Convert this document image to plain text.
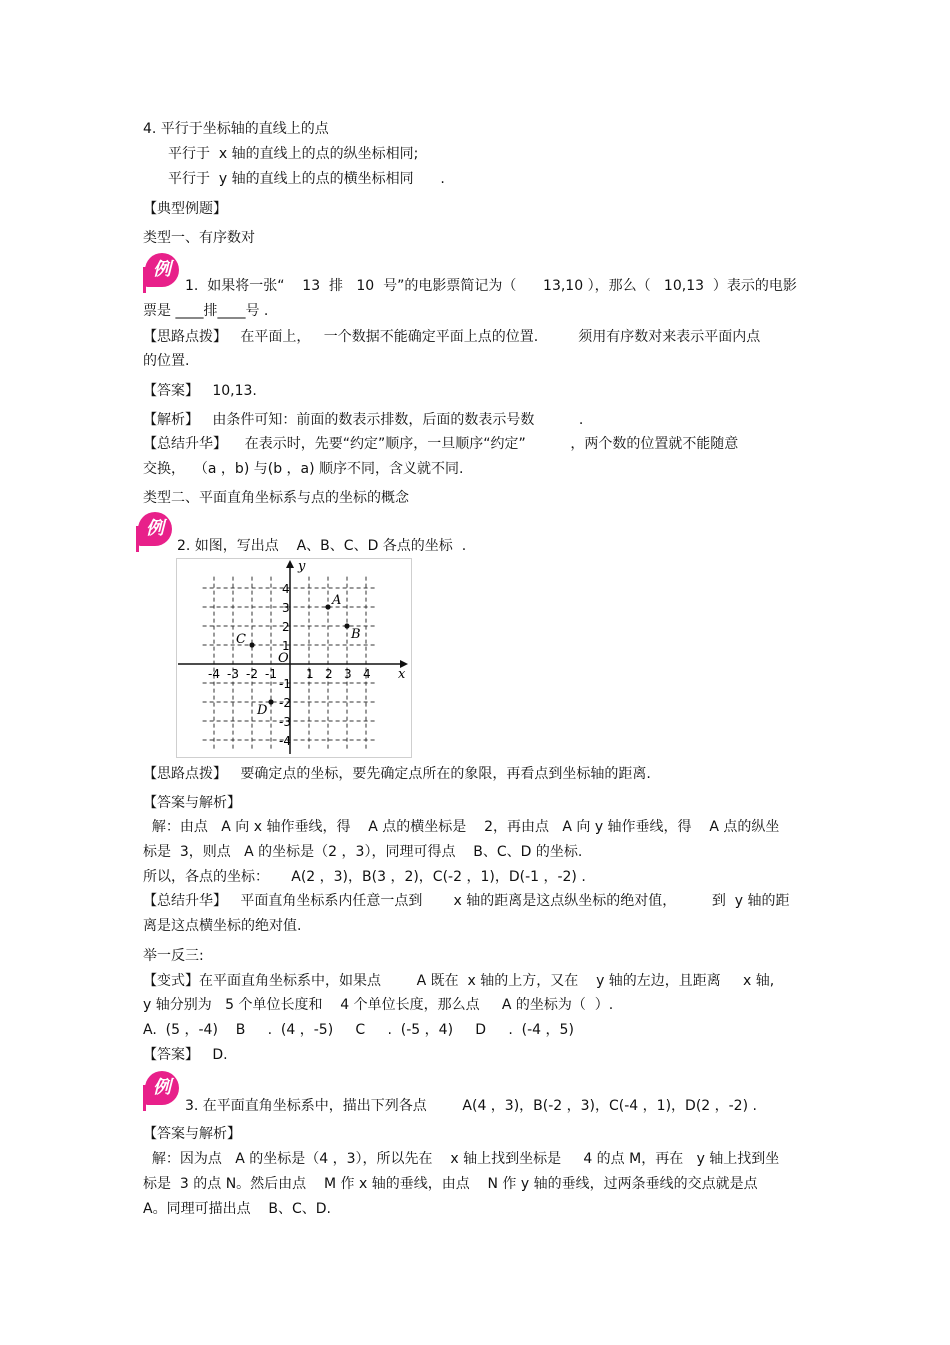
4. 平行于坐标轴的直线上的点
平行于  x 轴的直线上的点的纵坐标相同;
平行于  y 轴的直线上的点的横坐标相同      .
【典型例题】
类型一、有序数对
例
1.  如果将一张“    13  排   10  号”的电影票简记为（      13,10 ），那么（   10,13  ）表示的电影
票是 ____排____号 .
【思路点拨】   在平面上，   一个数据不能确定平面上点的位置.         须用有序数对来表示平面内点
的位置.
【答案】   10,13.
【解析】   由条件可知：前面的数表示排数，后面的数表示号数          .
【总结升华】    在表示时，先要“约定”顺序，一旦顺序“约定”          ，两个数的位置就不能随意
交换，  （a ，b) 与(b ，a) 顺序不同，含义就不同.
类型二、平面直角坐标系与点的坐标的概念
例
2. 如图，写出点    A、B、C、D 各点的坐标  .
x
y
O
-4 -3 -2 -1 1 2 3 4
4
3
2
1
-1
-2
-3
-4
A
B
C
D
【思路点拨】   要确定点的坐标，要先确定点所在的象限，再看点到坐标轴的距离.
【答案与解析】
解：由点   A 向 x 轴作垂线，得    A 点的横坐标是    2，再由点   A 向 y 轴作垂线，得    A 点的纵坐
标是  3，则点   A 的坐标是（2 ，3），同理可得点    B、C、D 的坐标.
所以，各点的坐标：     A(2 ，3)，B(3 ，2)，C(-2 ，1)，D(-1 ，-2) .
【总结升华】   平面直角坐标系内任意一点到       x 轴的距离是这点纵坐标的绝对值，        到  y 轴的距
离是这点横坐标的绝对值.
举一反三:
【变式】在平面直角坐标系中，如果点        A 既在  x 轴的上方，又在    y 轴的左边，且距离     x 轴,
y 轴分别为   5 个单位长度和    4 个单位长度，那么点     A 的坐标为（  ）.
A.  (5 ，-4)    B     .  (4 ，-5)     C     .  (-5 ，4)     D     .  (-4 ，5)
【答案】   D.
例
3. 在平面直角坐标系中，描出下列各点        A(4 ，3)，B(-2 ，3)，C(-4 ，1)，D(2 ，-2) .
【答案与解析】
解：因为点   A 的坐标是（4 ，3），所以先在    x 轴上找到坐标是     4 的点 M，再在   y 轴上找到坐
标是  3 的点 N。然后由点    M 作 x 轴的垂线，由点    N 作 y 轴的垂线，过两条垂线的交点就是点
A。同理可描出点    B、C、D.
